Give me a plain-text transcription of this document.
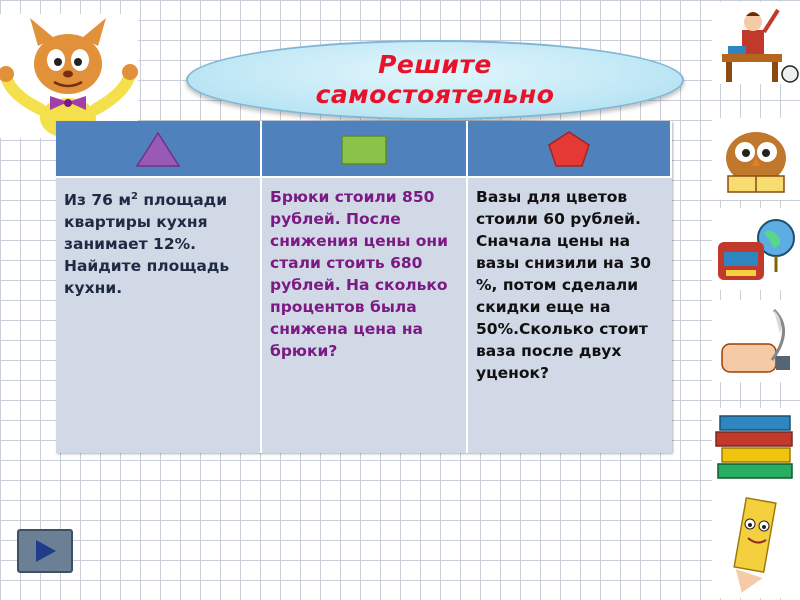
Решите
самостоятельно
Из 76 $м^2$ площади квартиры кухня занимает 12%. Найдите площадь кухни.
Брюки стоили 850 рублей. После снижения цены они стали стоить 680 рублей. На сколько процентов была снижена цена на брюки?
Вазы для цветов стоили 60 рублей. Сначала цены на вазы снизили на 30 %, потом сделали скидки еще на 50%.Сколько стоит ваза после двух уценок?
